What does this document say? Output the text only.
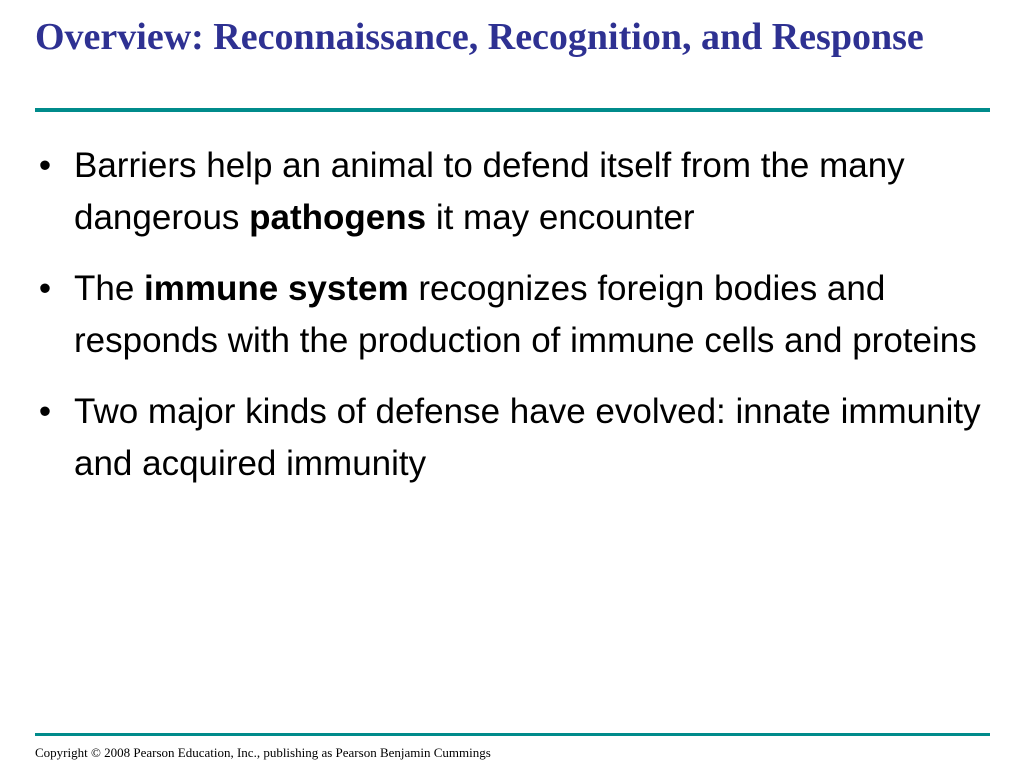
Overview: Reconnaissance, Recognition, and Response
• Barriers help an animal to defend itself from the many dangerous pathogens it may encounter
• The immune system recognizes foreign bodies and responds with the production of immune cells and proteins
• Two major kinds of defense have evolved: innate immunity and acquired immunity
Copyright © 2008 Pearson Education, Inc., publishing as Pearson Benjamin Cummings
